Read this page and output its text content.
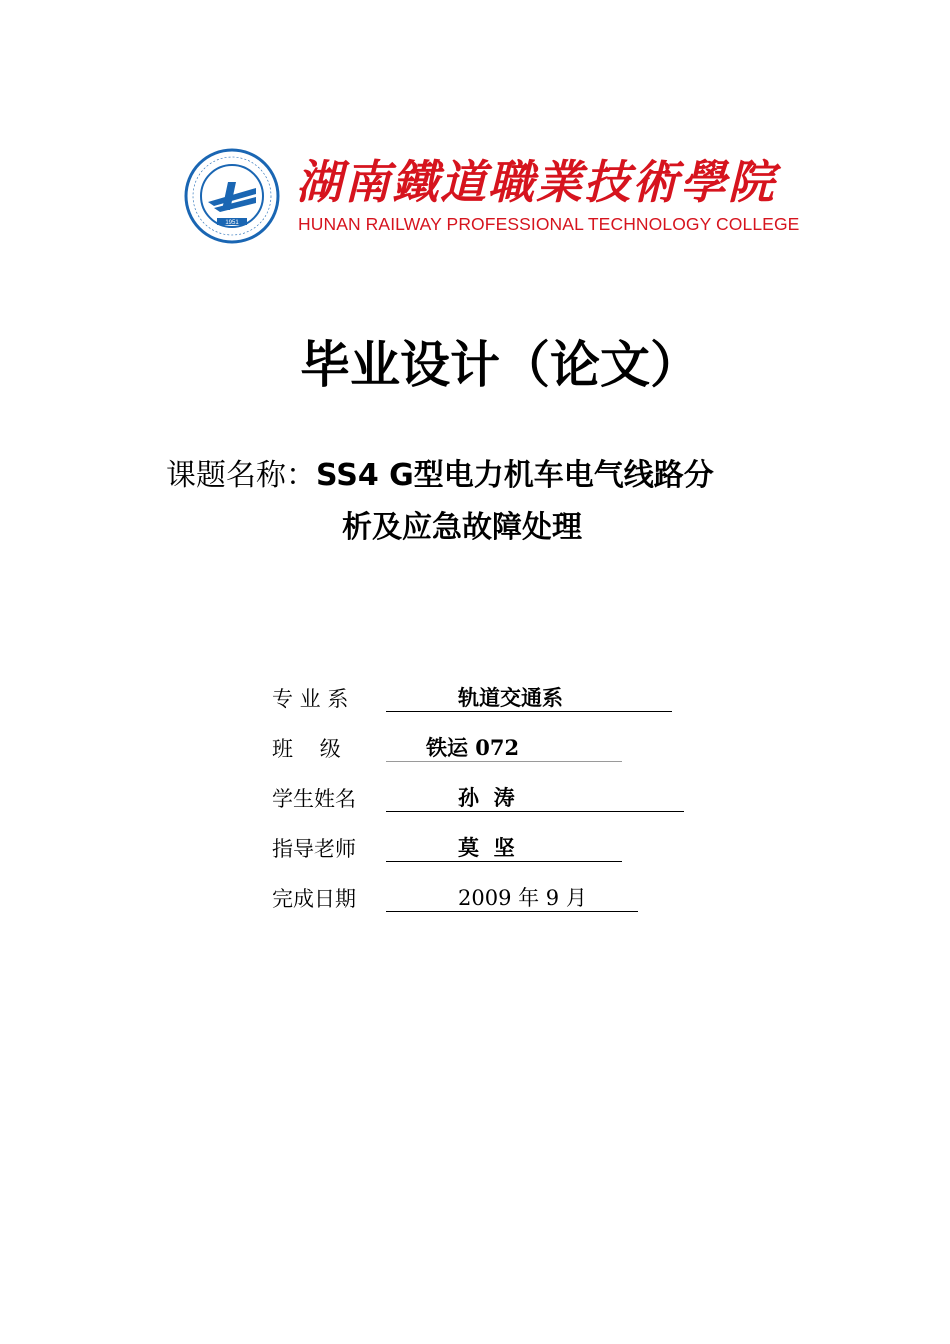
1951
湖南鐵道職業技術學院
HUNAN RAILWAY PROFESSIONAL TECHNOLOGY COLLEGE
毕业设计（论文）
课题名称：SS4 G型电力机车电气线路分
析及应急故障处理
专 业 系	轨道交通系
班    级	铁运 072
学生姓名	孙  涛
指导老师	莫  坚
完成日期	2009 年 9 月
